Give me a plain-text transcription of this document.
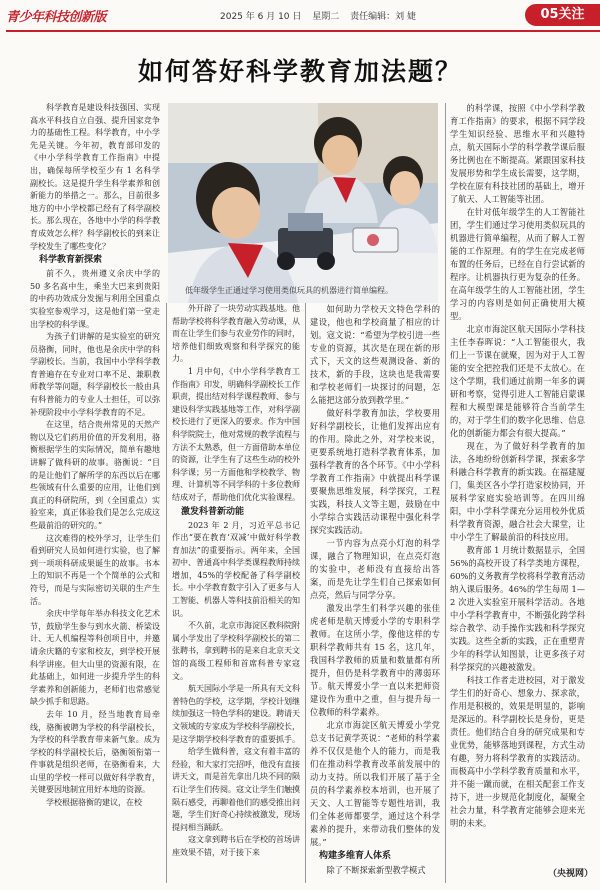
青少年科技创新版	2025 年 6 月 10 日 星期二 责任编辑：刘 婕	05关注
如何答好科学教育加法题？
低年级学生正通过学习使用类似玩具的机器进行简单编程。

科学教育是建设科技强国、实现高水平科技自立自强、提升国家竞争力的基础性工程。科学教育，中小学先是关键。今年初，教育部印发的《中小学科学教育工作指南》中提出，确保每所学校至少有 1 名科学副校长。这是提升学生科学素养和创新能力的举措之一。那么，目前很多地方的中小学校都已经有了科学副校长。那么现在，各地中小学的科学教育成效怎么样？科学副校长的到来让学校发生了哪些变化？

科学教育新探索

前不久，贵州遵义余庆中学的 50 多名高中生，乘坐大巴来到贵阳的中药功效成分发掘与利用全国重点实验室参观学习，这是他们第一堂走出学校的科学课。

为孩子们讲解的是实验室的研究员骆衡，同时，他也是余庆中学的科学副校长。当前，我国中小学科学教育普遍存在专业对口率不足、兼职教师教学等问题，科学副校长一般由具有科普能力的专业人士担任，可以弥补现阶段中小学科学教育的不足。

在这里，结合贵州常见的天然产物以及它们药用价值的开发利用，骆衡根据学生的实际情况，简单有趣地讲解了做科研的故事。骆衡说：“目的是让他们了解所学的东西以后在哪些领域有什么重要的应用，让他们到真正的科研院所，到（全国重点）实验室来，真正体验我们是怎么完成这些最前沿的研究的。”

这次难得的校外学习，让学生们看到研究人员如何进行实验，也了解到一项项科研成果诞生的故事。书本上的知识不再是一个个简单的公式和符号，而是与实际密切关联的生产生活。

余庆中学每年举办科技文化艺术节，鼓励学生参与到水火箭、桥梁设计、无人机编程等科创项目中，并邀请余庆籍的专家和校友，到学校开展科学讲座。但大山里的资源有限，在此基础上，如何进一步提升学生的科学素养和创新能力，老师们也常感觉缺少抓手和思路。

去年 10 月，经当地教育局牵线，骆衡被聘为学校的科学副校长，为学校的科学教育带来新气象。成为学校的科学副校长后，骆衡领衔第一件事就是组织老师，在骆衡看来，大山里的学校一样可以做好科学教育，关键要因地制宜用好本地的资源。

学校根据骆衡的建议，在校

外开辟了一块劳动实践基地。他帮助学校将科学教育融入劳动课，从而在让学生们参与农业劳作的同时，培养他们细致观察和科学探究的能力。

1 月中旬，《中小学科学教育工作指南》印发，明确科学副校长工作职责，提出结对科学课程教师、参与建设科学实践基地等工作，对科学副校长进行了更深入的要求。作为中国科学院院士，他对常规的教学流程与方法不太熟悉，但一方面借助本单位的资源，让学生有了这些生动的校外科学课；另一方面他和学校教学、物理、计算机等不同学科的十多位教师结成对子，帮助他们优化实验课程。

激发科普新动能

2023 年 2 月，习近平总书记作出“要在教育‘双减’中做好科学教育加法”的重要指示。两年来，全国初中、普通高中科学类课程教师持续增加，45%的学校配备了科学副校长。中小学教育数字引入了更多与人工智能、机器人等科技前沿相关的知识。

不久前，北京市海淀区教科院附属小学发出了学校科学副校长的第二张聘书，拿到聘书的是来自北京天文馆的高级工程师和首席科普专家寇文。

航天国际小学是一所具有天文科普特色的学校，这学期，学校计划继续加强这一特色学科的建设。聘请天文领域的专家成为学校科学副校长，是这学期学校科学教育的重要抓手。

给学生做科普，寇文有着丰富的经验，和大家打完招呼，他没有直接讲天文，而是首先拿出几块不同的陨石让学生们传阅。寇文让学生们触摸陨石感受，再聊着他们的感受推出问题，学生们好奇心持续被激发，现场提问相当踊跃。

寇文拿到聘书后在学校的首场讲座效果不错，对于接下来

如何助力学校天文特色学科的建设，他也和学校商量了相应的计划。寇文说：“希望为学校引进一些专业的资源，其次是在现在新的形式下，天文的这些观测设备、新的技术，新的手段，这块也是我需要和学校老师们一块探讨的问题，怎么能把这部分放到教学里。”

做好科学教育加法，学校要用好科学副校长，让他们发挥出应有的作用。除此之外，对学校来说，更要系统地打造科学教育体系，加强科学教育的各个环节。《中小学科学教育工作指南》中就提出科学课要聚焦思维发展，科学探究，工程实践，科技人文等主题，鼓励在中小学综合实践活动课程中强化科学探究实践活动。

一节内容为点亮小灯泡的科学课，融合了物理知识，在点亮灯泡的实验中，老师没有直接给出答案，而是先让学生们自己探索如何点亮，然后与同学分享。

激发出学生们科学兴趣的张佳虎老师是航天博爱小学的专职科学教师。在这所小学，像他这样的专职科学教师共有 15 名，这几年，我国科学教师的质量和数量都有所提升，但仍是科学教育中的薄弱环节。航天博爱小学一直以来把师资建设作为重中之重，但与提升每一位教师的科学素养。

北京市海淀区航天博爱小学党总支书记黄学英说：“老师的科学素养不仅仅是他个人的能力，而是我们在推动科学教育改革前发展中的动力支持。所以我们开展了基于全员的科学素养校本培训，也开展了天文、人工智能等专题性培训，我们全体老师都要学，通过这个科学素养的提升，来带动我们整体的发展。”

构建多维育人体系

除了不断探索新型教学模式

的科学课，按照《中小学科学教育工作指南》的要求，根据不同学段学生知识经验、思维水平和兴趣特点，航天国际小学的科学教学课后服务比例也在不断提高。紧跟国家科技发展形势和学生成长需要，这学期，学校在原有科技社团的基础上，增开了航天、人工智能等社团。

在针对低年级学生的人工智能社团，学生们通过学习使用类似玩具的机器进行简单编程，从而了解人工智能的工作原理。有的学生在完成老师布置的任务后，已经在自行尝试新的程序。让机器执行更为复杂的任务。在高年级学生的人工智能社团，学生学习的内容则是如何正确使用大模型。

北京市海淀区航天国际小学科技主任李春晖说：“人工智能很火，我们上一节课在就聚，因为对于人工智能的安全把控我们还是不太放心。在这个学期，我们通过前期一年多的调研和考察，觉得引进人工智能启蒙课程和大模型课是能够符合当前学生的，对于学生们的数字化思维、信息化的创新能力都会有很大提高。”

现在，为了做好科学教育的加法，各地纷纷创新科学课，探索多学科融合科学教育的新实践。在福建厦门，集美区各小学打造家校协同，开展科学家庭实验培训等。在四川绵阳，中小学科学课充分运用校外优质科学教育资源，融合社会大课堂，让中小学生了解最前沿的科技应用。

教育部 1 月统计数据显示，全国 56%的高校开设了科学类地方课程，60%的义务教育学校将科学教育活动纳入课后服务。46%的学生每周 1—2 次进入实验室开展科学活动。各地中小学科学教育中，不断强化跨学科综合教学、动手操作实践和科学探究实践。这些全新的实践，正在重塑青少年的科学认知图景，让更多孩子对科学探究的兴趣被激发。

科技工作者走进校园，对于激发学生们的好奇心、想象力、探求欲，作用是积极的，效果是明显的，影响是深远的。科学副校长是身份，更是责任。他们结合自身的研究成果和专业优势，能够落地到课程，方式生动有趣，努力将科学教育的实践活动。而极高中小学科学教育质量和水平，并不能一蹴而就，在相关配套工作支持下，进一步规范化制度化，凝聚全社会力量，科学教育定能够会迎来光明的未来。

（央视网）
